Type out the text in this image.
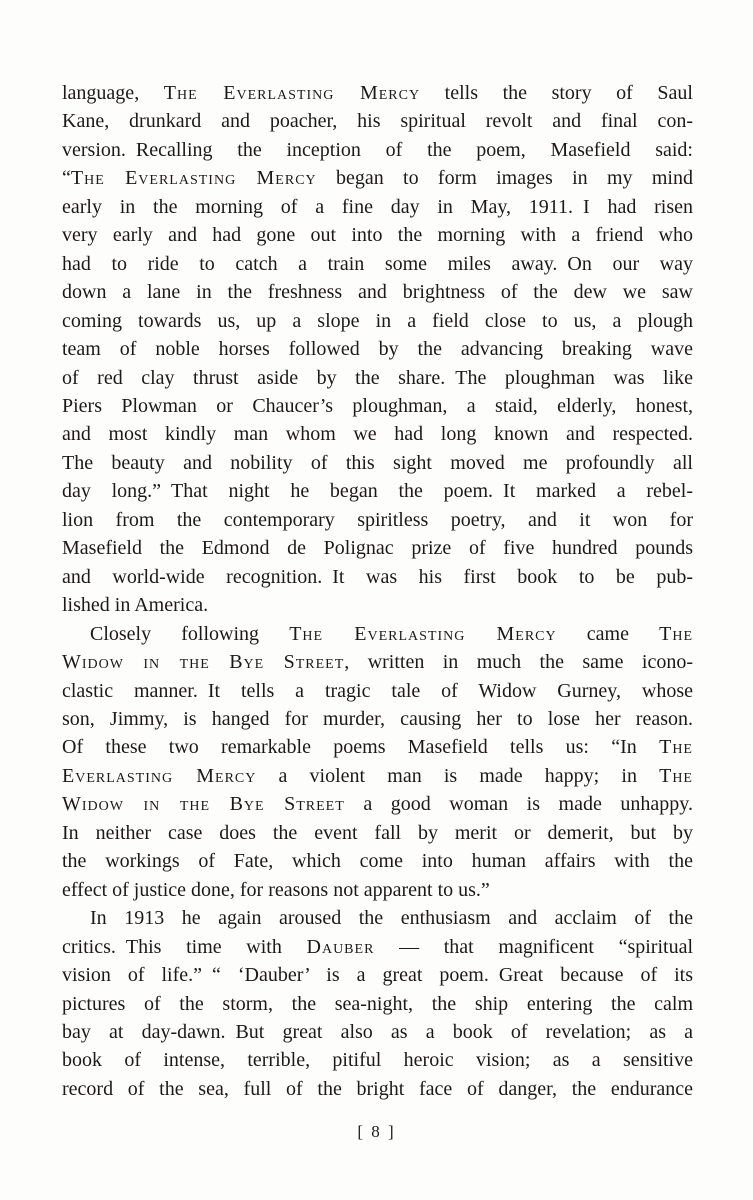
language, The Everlasting Mercy tells the story of Saul
Kane, drunkard and poacher, his spiritual revolt and final con-
version. Recalling the inception of the poem, Masefield said:
“The Everlasting Mercy began to form images in my mind
early in the morning of a fine day in May, 1911. I had risen
very early and had gone out into the morning with a friend who
had to ride to catch a train some miles away. On our way
down a lane in the freshness and brightness of the dew we saw
coming towards us, up a slope in a field close to us, a plough
team of noble horses followed by the advancing breaking wave
of red clay thrust aside by the share. The ploughman was like
Piers Plowman or Chaucer’s ploughman, a staid, elderly, honest,
and most kindly man whom we had long known and respected.
The beauty and nobility of this sight moved me profoundly all
day long.” That night he began the poem. It marked a rebel-
lion from the contemporary spiritless poetry, and it won for
Masefield the Edmond de Polignac prize of five hundred pounds
and world-wide recognition. It was his first book to be pub-
lished in America.
Closely following The Everlasting Mercy came The
Widow in the Bye Street, written in much the same icono-
clastic manner. It tells a tragic tale of Widow Gurney, whose
son, Jimmy, is hanged for murder, causing her to lose her reason.
Of these two remarkable poems Masefield tells us: “In The
Everlasting Mercy a violent man is made happy; in The
Widow in the Bye Street a good woman is made unhappy.
In neither case does the event fall by merit or demerit, but by
the workings of Fate, which come into human affairs with the
effect of justice done, for reasons not apparent to us.”
In 1913 he again aroused the enthusiasm and acclaim of the
critics. This time with Dauber — that magnificent “spiritual
vision of life.” “ ‘Dauber’ is a great poem. Great because of its
pictures of the storm, the sea-night, the ship entering the calm
bay at day-dawn. But great also as a book of revelation; as a
book of intense, terrible, pitiful heroic vision; as a sensitive
record of the sea, full of the bright face of danger, the endurance
[ 8 ]
